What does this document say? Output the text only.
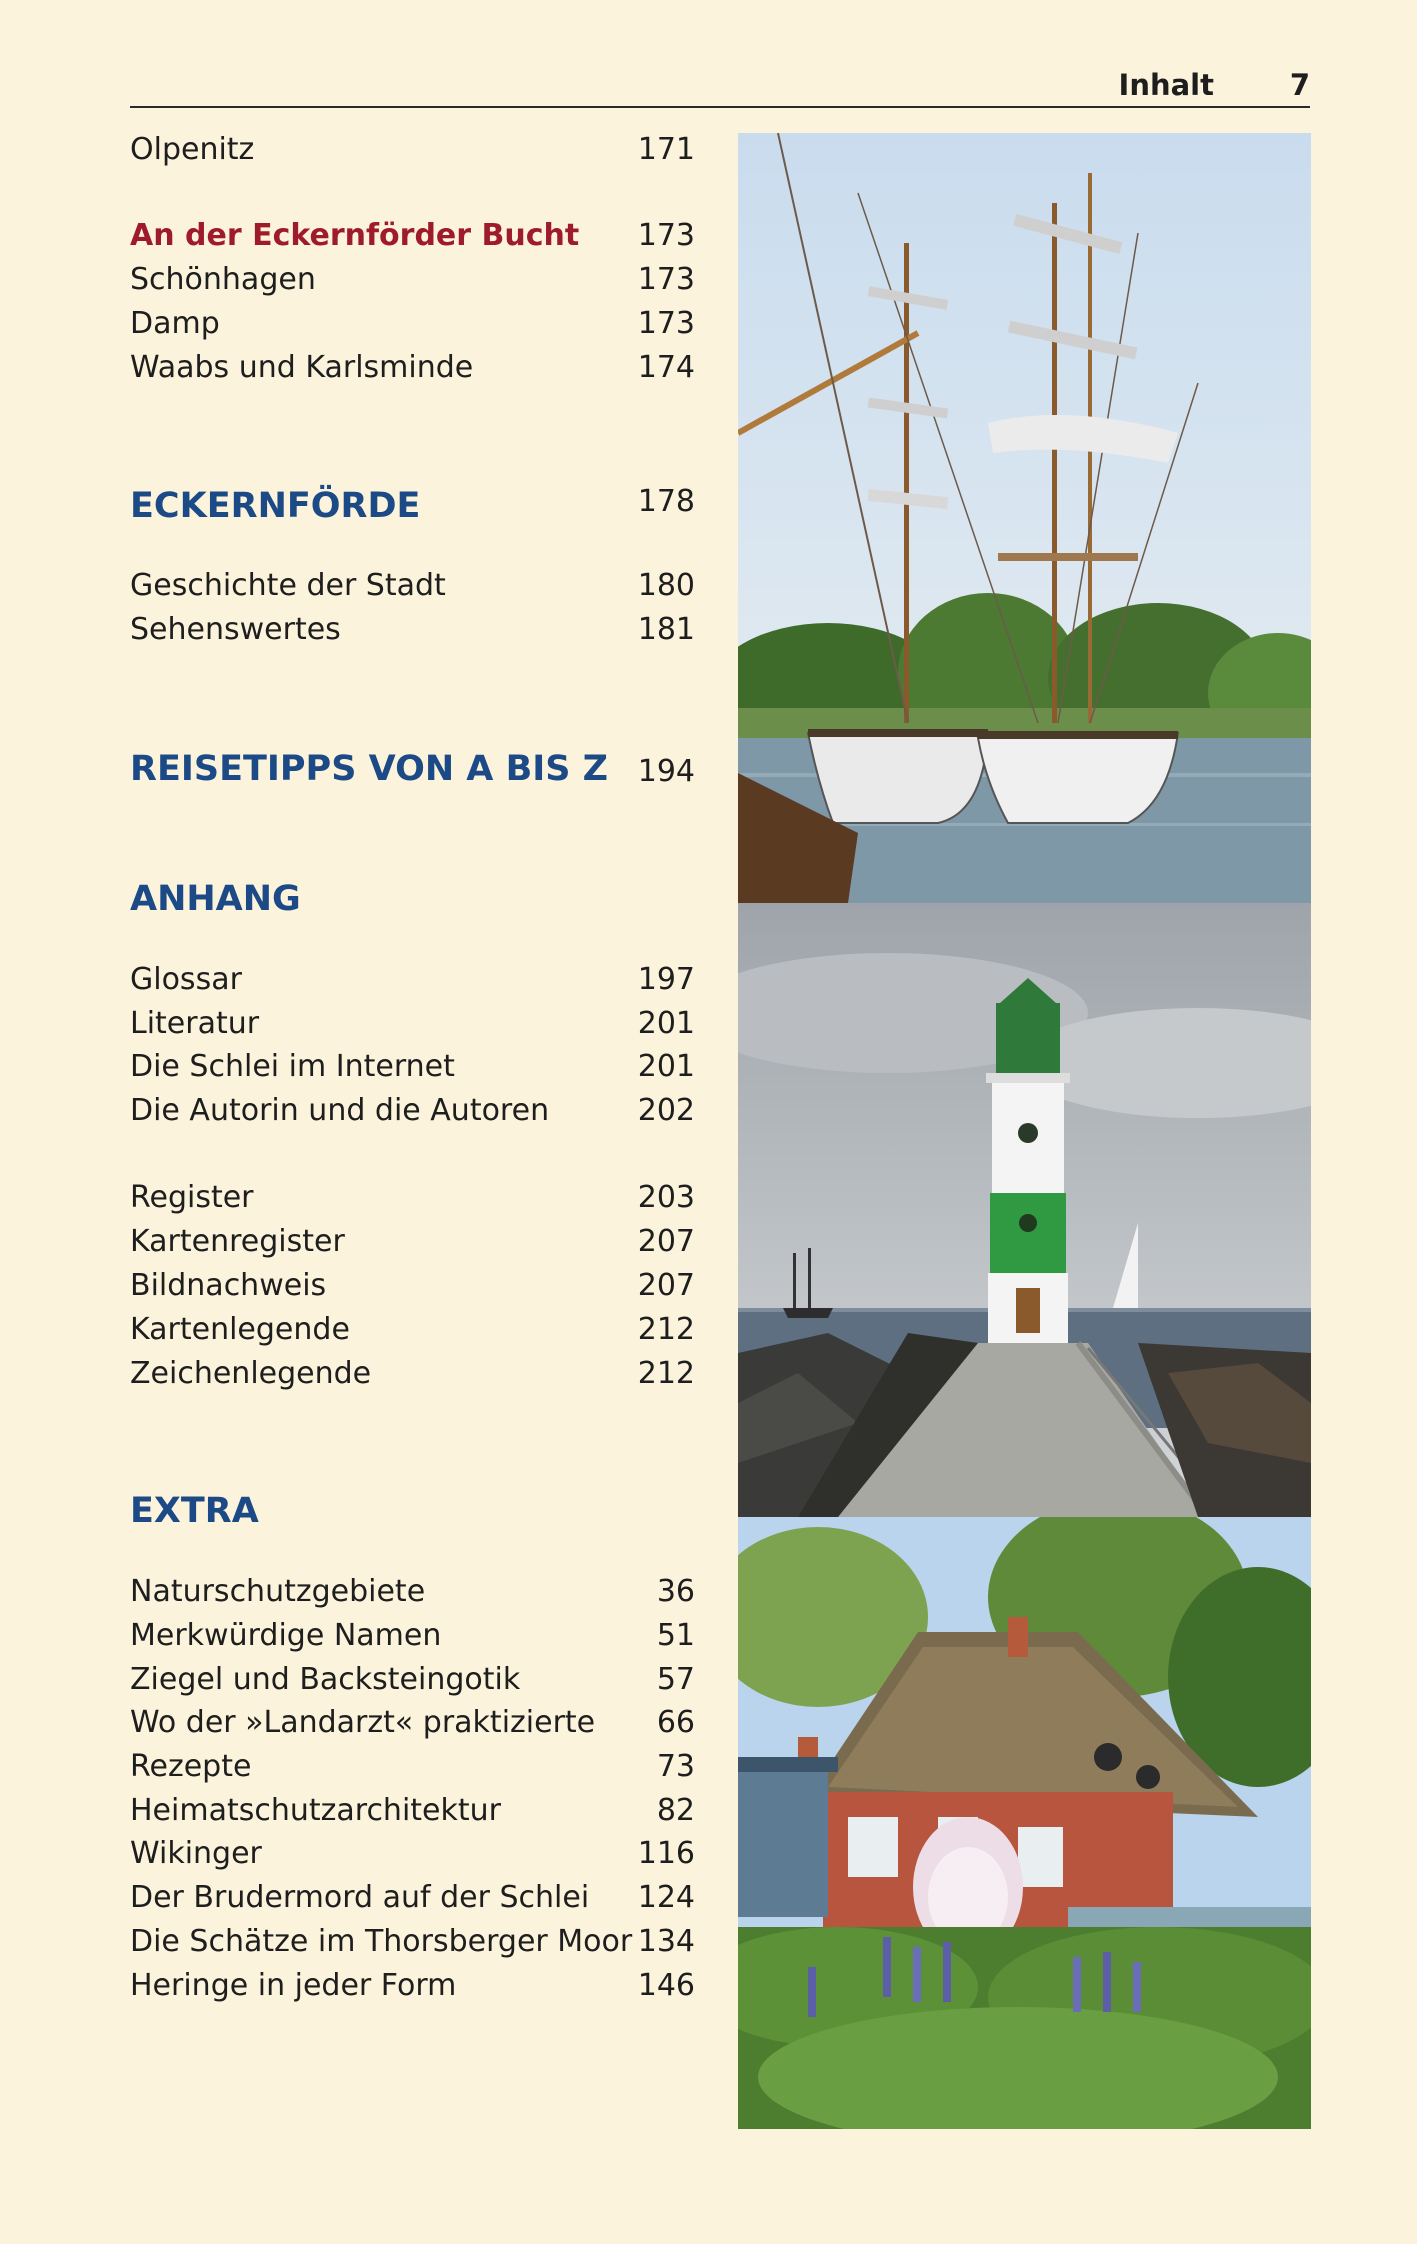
Inhalt	7
Olpenitz	171
An der Eckernförder Bucht 173
Schönhagen	173
Damp	173
Waabs und Karlsminde	174
ECKERNFÖRDE	178
Geschichte der Stadt	180
Sehenswertes	181
REISETIPPS VON A BIS Z 194
ANHANG
Glossar	197
Literatur	201
Die Schlei im Internet	201
Die Autorin und die Autoren	202
Register	203
Kartenregister	207
Bildnachweis	207
Kartenlegende	212
Zeichenlegende	212
EXTRA
Naturschutzgebiete	36
Merkwürdige Namen	51
Ziegel und Backsteingotik	57
Wo der »Landarzt« praktizierte 66
Rezepte	73
Heimatschutzarchitektur	82
Wikinger	116
Der Brudermord auf der Schlei 124
Die Schätze im Thorsberger Moor 134
Heringe in jeder Form	146
